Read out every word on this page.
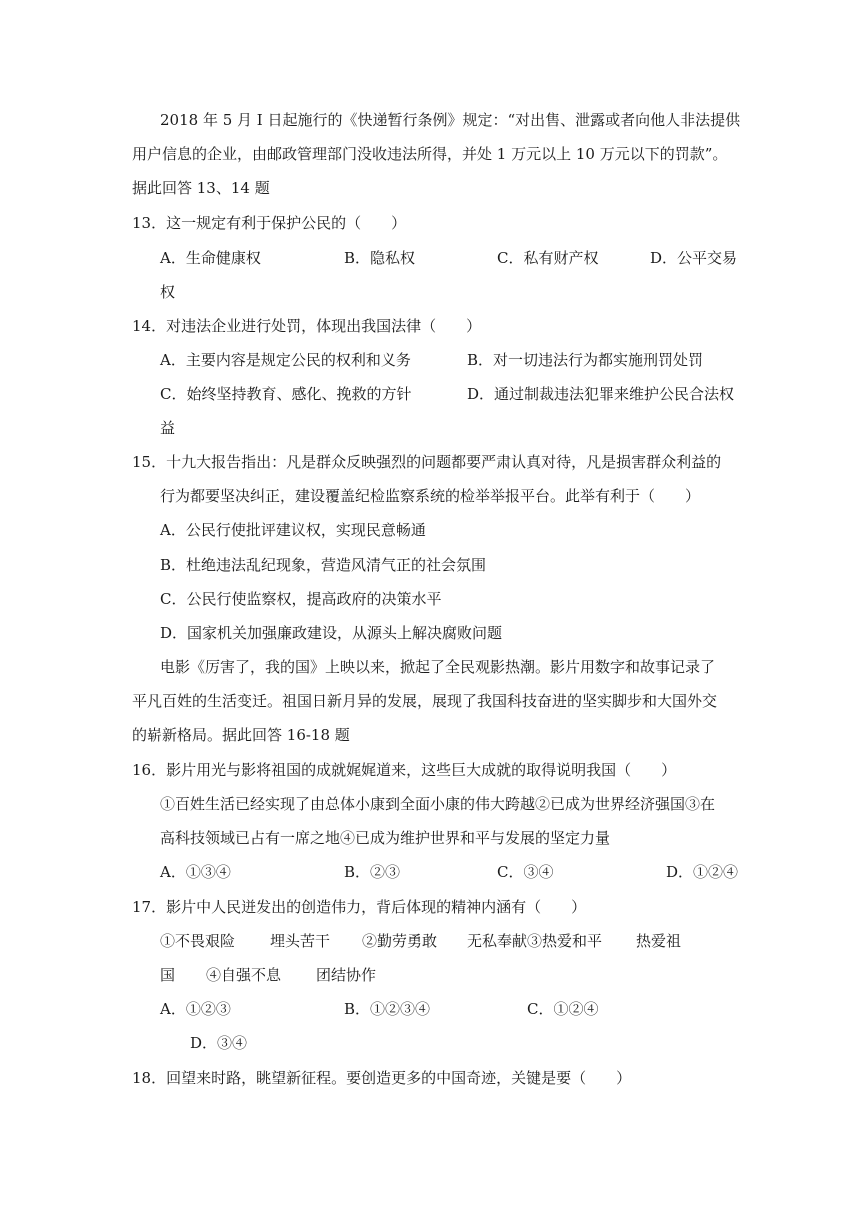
2018 年 5 月 I 日起施行的《快递暂行条例》规定：“对出售、泄露或者向他人非法提供
用户信息的企业，由邮政管理部门没收违法所得，并处 1 万元以上 10 万元以下的罚款”。
据此回答 13、14 题
13．这一规定有利于保护公民的（　　）
A．生命健康权	B．隐私权	C．私有财产权	D．公平交易
权
14．对违法企业进行处罚，体现出我国法律（　　）
A．主要内容是规定公民的权利和义务	B．对一切违法行为都实施刑罚处罚
C．始终坚持教育、感化、挽救的方针	D．通过制裁违法犯罪来维护公民合法权
益
15．十九大报告指出：凡是群众反映强烈的问题都要严肃认真对待，凡是损害群众利益的
行为都要坚决纠正，建设覆盖纪检监察系统的检举举报平台。此举有利于（　　）
A．公民行使批评建议权，实现民意畅通
B．杜绝违法乱纪现象，营造风清气正的社会氛围
C．公民行使监察权，提高政府的决策水平
D．国家机关加强廉政建设，从源头上解决腐败问题
电影《厉害了，我的国》上映以来，掀起了全民观影热潮。影片用数字和故事记录了
平凡百姓的生活变迁。祖国日新月异的发展，展现了我国科技奋进的坚实脚步和大国外交
的崭新格局。据此回答 16-18 题
16．影片用光与影将祖国的成就娓娓道来，这些巨大成就的取得说明我国（　　）
①百姓生活已经实现了由总体小康到全面小康的伟大跨越②已成为世界经济强国③在
高科技领域已占有一席之地④已成为维护世界和平与发展的坚定力量
A．①③④	B．②③	C．③④	D．①②④
17．影片中人民迸发出的创造伟力，背后体现的精神内涵有（　　）
①不畏艰险 埋头苦干 ②勤劳勇敢 无私奉献③热爱和平 热爱祖
国 ④自强不息 团结协作
A．①②③	B．①②③④	C．①②④
D．③④
18．回望来时路，眺望新征程。要创造更多的中国奇迹，关键是要（　　）
